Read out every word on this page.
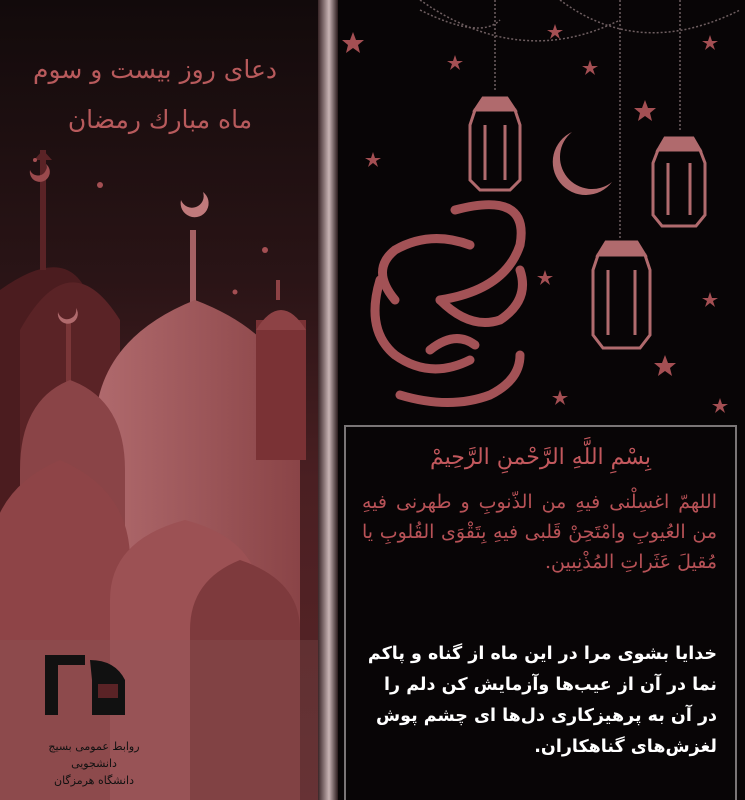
دعای روز بیست و سوم
ماه مبارك رمضان
روابط عمومی بسیج دانشجویی
دانشگاه هرمزگان
بِسْمِ اللَّهِ الرَّحْمنِ الرَّحِيمْ
اللهمّ اغسِلْنی فیهِ من الذّنوبِ و طهرنی فیهِ من العُیوبِ وامْتَحِنْ قَلبی فیهِ بِتَقْوَی القُلوبِ یا مُقیلَ عَثَراتِ المُذْنِبین.
خدایا بشوی مرا در این ماه از گناه و پاکم نما در آن از عیب‌ها وآزمایش کن دلم را در آن به پرهیزکاری دل‌ها ای چشم پوش لغزش‌های گناهکاران.
